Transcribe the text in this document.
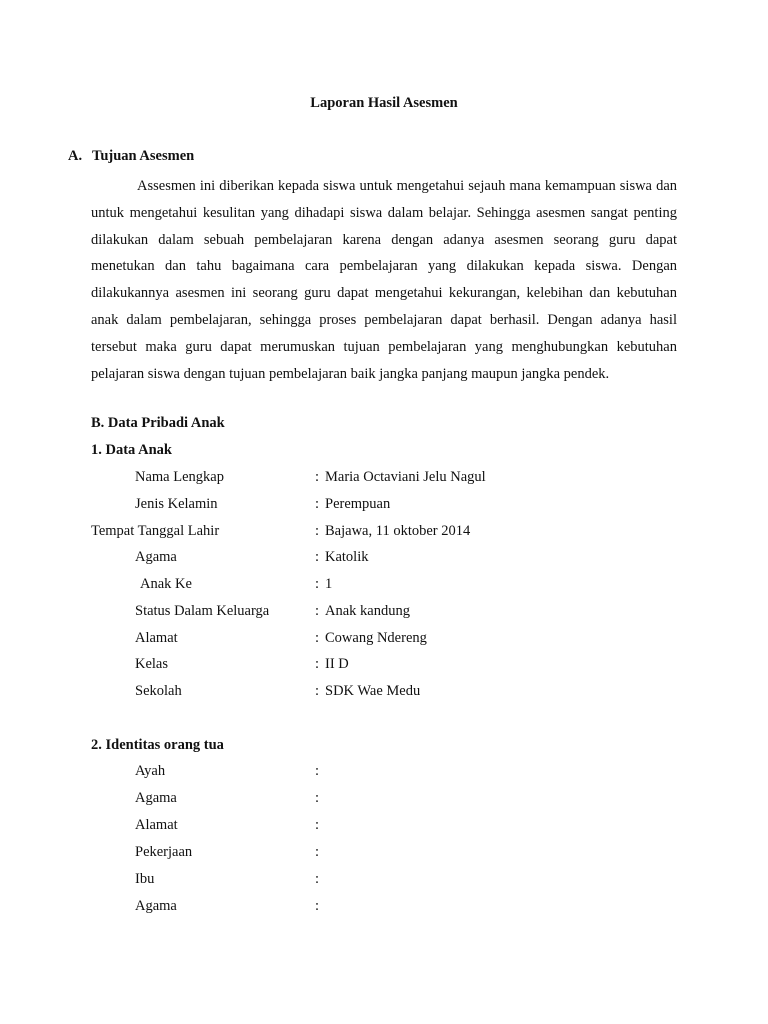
Laporan Hasil Asesmen
A. Tujuan Asesmen

Assesmen ini diberikan kepada siswa untuk mengetahui sejauh mana kemampuan siswa dan untuk mengetahui kesulitan yang dihadapi siswa dalam belajar. Sehingga asesmen sangat penting dilakukan dalam sebuah pembelajaran karena dengan adanya asesmen seorang guru dapat menetukan dan tahu bagaimana cara pembelajaran yang dilakukan kepada siswa. Dengan dilakukannya asesmen ini seorang guru dapat mengetahui kekurangan, kelebihan dan kebutuhan anak dalam pembelajaran, sehingga proses pembelajaran dapat berhasil. Dengan adanya hasil tersebut maka guru dapat merumuskan tujuan pembelajaran yang menghubungkan kebutuhan pelajaran siswa dengan tujuan pembelajaran baik jangka panjang maupun jangka pendek.

B. Data Pribadi Anak
1. Data Anak
Nama Lengkap	: Maria Octaviani Jelu Nagul
Jenis Kelamin	: Perempuan
Tempat Tanggal Lahir	: Bajawa, 11 oktober 2014
Agama	: Katolik
Anak Ke	: 1
Status Dalam Keluarga	: Anak kandung
Alamat	: Cowang Ndereng
Kelas	: II D
Sekolah	: SDK Wae Medu
2. Identitas orang tua
Ayah	:
Agama	:
Alamat	:
Pekerjaan	:
Ibu	:
Agama	:
